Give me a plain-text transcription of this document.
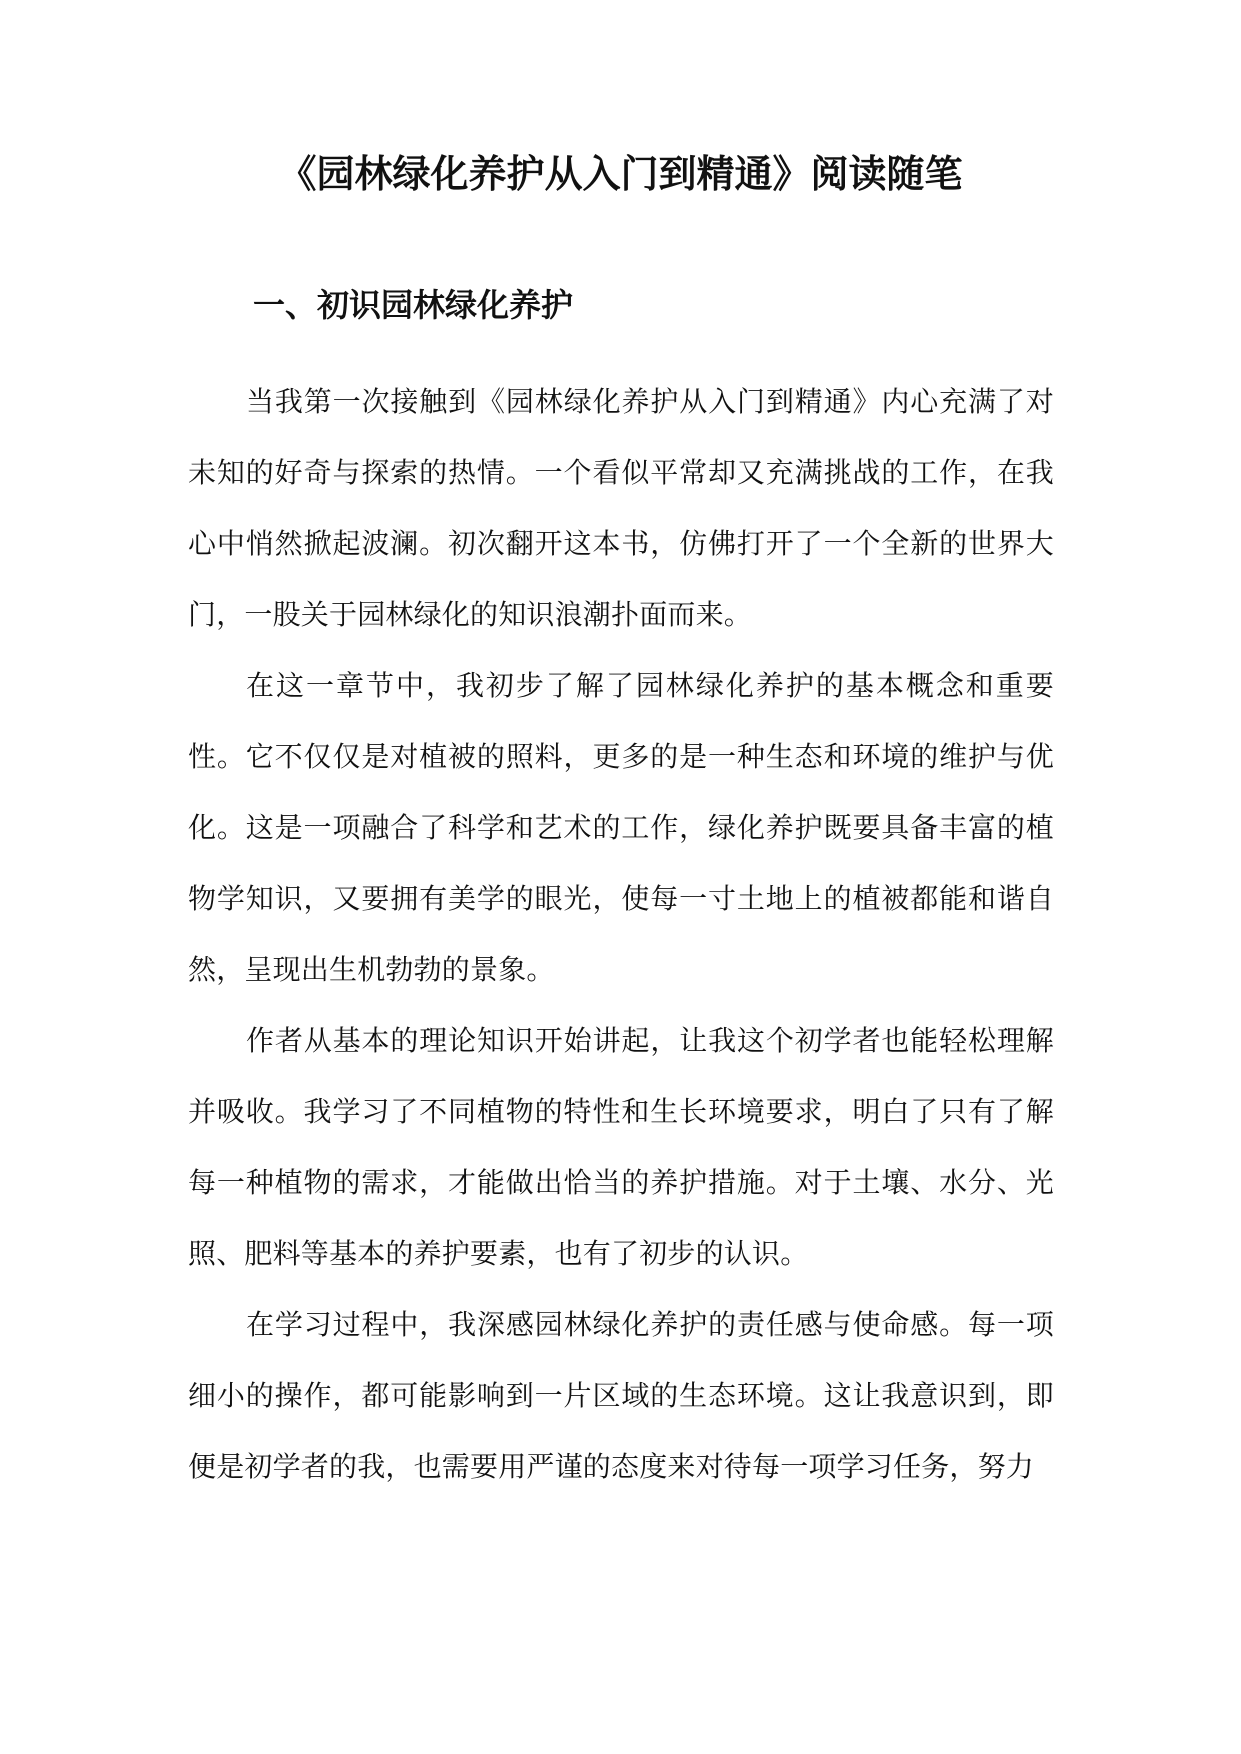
《园林绿化养护从入门到精通》阅读随笔
一、初识园林绿化养护

当我第一次接触到《园林绿化养护从入门到精通》内心充满了对未知的好奇与探索的热情。一个看似平常却又充满挑战的工作，在我心中悄然掀起波澜。初次翻开这本书，仿佛打开了一个全新的世界大门，一股关于园林绿化的知识浪潮扑面而来。

在这一章节中，我初步了解了园林绿化养护的基本概念和重要性。它不仅仅是对植被的照料，更多的是一种生态和环境的维护与优化。这是一项融合了科学和艺术的工作，绿化养护既要具备丰富的植物学知识，又要拥有美学的眼光，使每一寸土地上的植被都能和谐自然，呈现出生机勃勃的景象。

作者从基本的理论知识开始讲起，让我这个初学者也能轻松理解并吸收。我学习了不同植物的特性和生长环境要求，明白了只有了解每一种植物的需求，才能做出恰当的养护措施。对于土壤、水分、光照、肥料等基本的养护要素，也有了初步的认识。

在学习过程中，我深感园林绿化养护的责任感与使命感。每一项细小的操作，都可能影响到一片区域的生态环境。这让我意识到，即便是初学者的我，也需要用严谨的态度来对待每一项学习任务，努力
